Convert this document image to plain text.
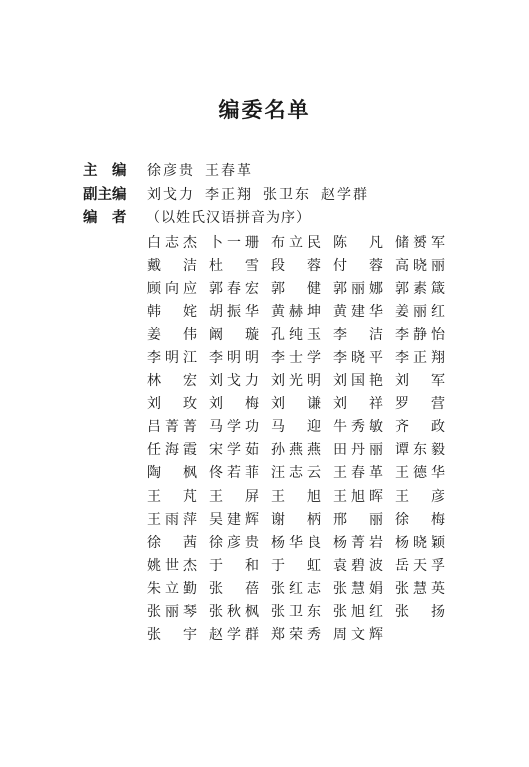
编委名单
主 编 徐彦贵 王春革
副主编 刘戈力 李正翔 张卫东 赵学群
编 者 （以姓氏汉语拼音为序）
白志杰 卜一珊 布立民 陈凡 储赟军
戴洁 杜雪 段蓉 付蓉 高晓丽
顾向应 郭春宏 郭健 郭丽娜 郭素箴
韩姹 胡振华 黄赫坤 黄建华 姜丽红
姜伟 阚璇 孔纯玉 李洁 李静怡
李明江 李明明 李士学 李晓平 李正翔
林宏 刘戈力 刘光明 刘国艳 刘军
刘玫 刘梅 刘谦 刘祥 罗营
吕菁菁 马学功 马迎 牛秀敏 齐政
任海霞 宋学茹 孙燕燕 田丹丽 谭东毅
陶枫 佟若菲 汪志云 王春革 王德华
王芃 王屏 王旭 王旭晖 王彦
王雨萍 吴建辉 谢柄 邢丽 徐梅
徐茜 徐彦贵 杨华良 杨菁岩 杨晓颖
姚世杰 于和 于虹 袁碧波 岳天孚
朱立勤 张蓓 张红志 张慧娟 张慧英
张丽琴 张秋枫 张卫东 张旭红 张扬
张宇 赵学群 郑荣秀 周文辉
